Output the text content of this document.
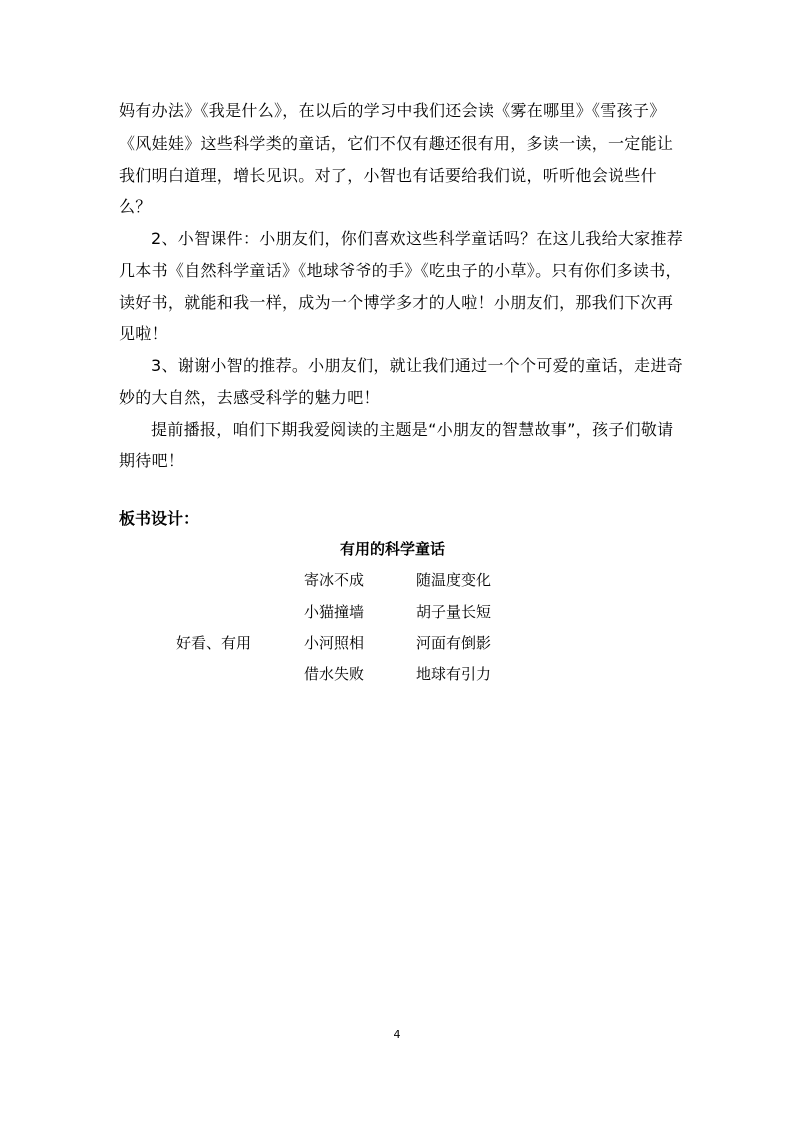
妈有办法》《我是什么》，在以后的学习中我们还会读《雾在哪里》《雪孩子》
《风娃娃》这些科学类的童话，它们不仅有趣还很有用，多读一读，一定能让
我们明白道理，增长见识。对了，小智也有话要给我们说，听听他会说些什
么？
2、小智课件：小朋友们，你们喜欢这些科学童话吗？在这儿我给大家推荐
几本书《自然科学童话》《地球爷爷的手》《吃虫子的小草》。只有你们多读书，
读好书，就能和我一样，成为一个博学多才的人啦！小朋友们，那我们下次再
见啦！
3、谢谢小智的推荐。小朋友们，就让我们通过一个个可爱的童话，走进奇
妙的大自然，去感受科学的魅力吧！
提前播报，咱们下期我爱阅读的主题是“小朋友的智慧故事”，孩子们敬请
期待吧！
板书设计：
有用的科学童话
好看、有用
寄冰不成	随温度变化
小猫撞墙	胡子量长短
小河照相	河面有倒影
借水失败	地球有引力
4
